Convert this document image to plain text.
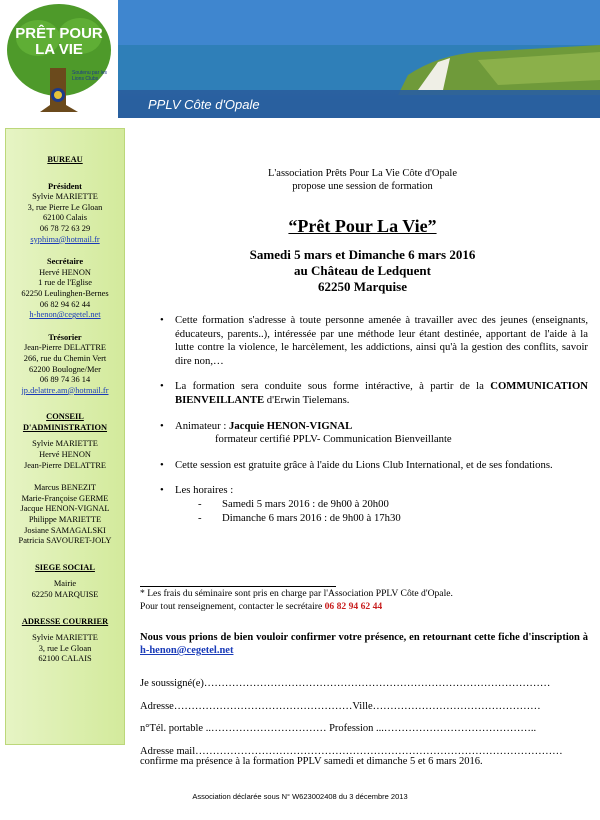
PRÊT POUR LA VIE
Soutenu par les Lions Clubs
PPLV Côte d'Opale
BUREAU
Président
Sylvie MARIETTE
3, rue Pierre Le Gloan
62100 Calais
06 78 72 63 29
syphima@hotmail.fr
Secrétaire
Hervé HENON
1 rue de l'Eglise
62250 Leulinghen-Bernes
06 82 94 62 44
h-henon@cegetel.net
Trésorier
Jean-Pierre DELATTRE
266, rue du Chemin Vert
62200 Boulogne/Mer
06 89 74 36 14
jp.delattre.am@hotmail.fr
CONSEIL
D'ADMINISTRATION
Sylvie MARIETTE
Hervé HENON
Jean-Pierre DELATTRE
Marcus BENEZIT
Marie-Françoise GERME
Jacque HENON-VIGNAL
Philippe MARIETTE
Josiane SAMAGALSKI
Patricia SAVOURET-JOLY
SIEGE SOCIAL
Mairie
62250 MARQUISE
ADRESSE COURRIER
Sylvie MARIETTE
3, rue Le Gloan
62100 CALAIS
L'association Prêts Pour La Vie Côte d'Opale
propose une session de formation
“Prêt Pour La Vie”
Samedi 5 mars et Dimanche 6 mars 2016
au Château de Ledquent
62250 Marquise
• Cette formation s'adresse à toute personne amenée à travailler avec des jeunes (enseignants, éducateurs, parents..), intéressée par une méthode leur étant destinée, apportant de l'aide à la lutte contre la violence, le harcèlement, les addictions, ainsi qu'à la gestion des conflits, savoir dire non,…
• La formation sera conduite sous forme intéractive, à partir de la COMMUNICATION BIENVEILLANTE d'Erwin Tielemans.
• Animateur : Jacquie HENON-VIGNAL
formateur certifié PPLV- Communication Bienveillante
• Cette session est gratuite grâce à l'aide du Lions Club International, et de ses fondations.
• Les horaires :
- Samedi 5 mars 2016 : de 9h00 à 20h00
- Dimanche 6 mars 2016 : de 9h00 à 17h30
* Les frais du séminaire sont pris en charge par l'Association PPLV Côte d'Opale.
Pour tout renseignement, contacter le secrétaire 06 82 94 62 44
Nous vous prions de bien vouloir confirmer votre présence, en retournant cette fiche d'inscription à h-henon@cegetel.net
Je soussigné(e)………………………………………………………………………………………
Adresse……………………………………………Ville…………………………………………
n°Tél. portable ..…………………………… Profession ...……………………………………..
Adresse mail……………………………………………………………………………………………
confirme ma présence à la formation PPLV samedi et dimanche 5 et 6 mars 2016.
Association déclarée sous N° W623002408 du 3 décembre 2013
